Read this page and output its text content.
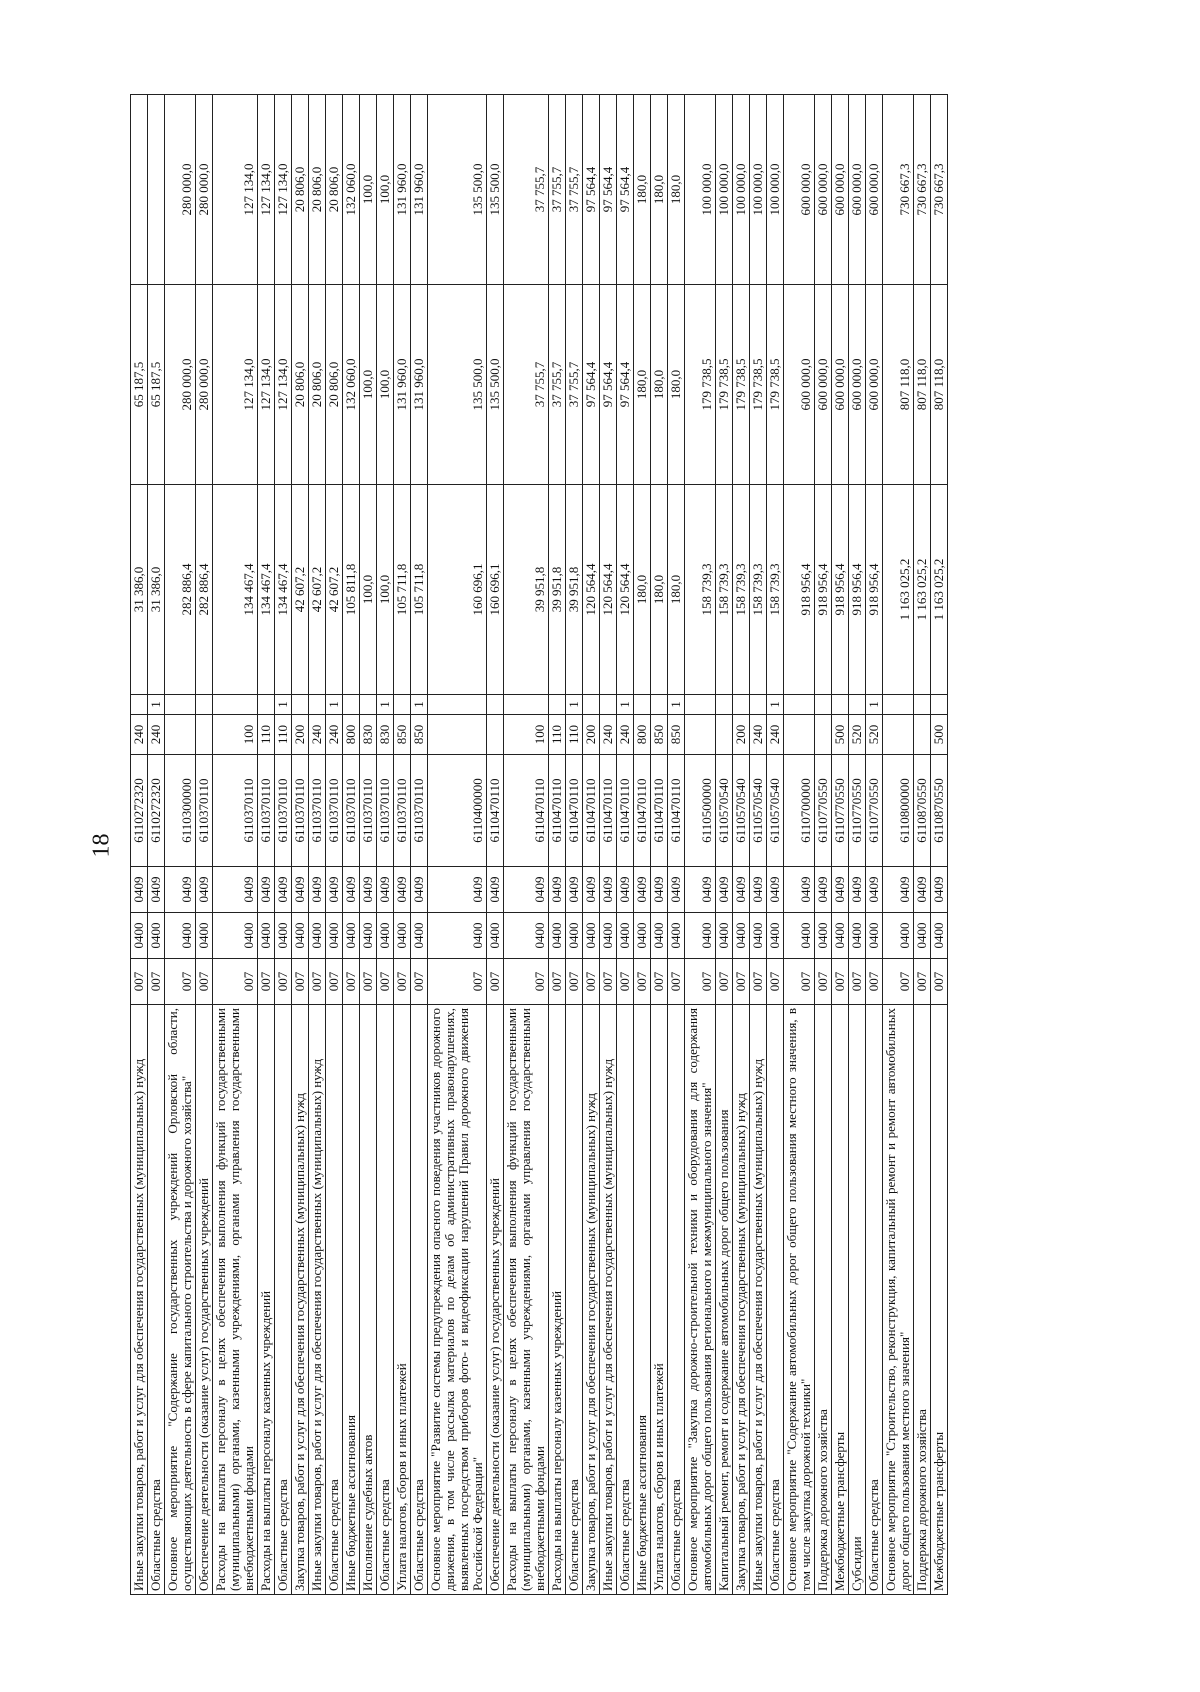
18
Иные закупки товаров, работ и услуг для обеспечения государственных (муниципальных) нужд	007	0400	0409	6110272320	240		31 386,0	65 187,5	
Областные средства	007	0400	0409	6110272320	240	1	31 386,0	65 187,5	
Основное мероприятие "Содержание государственных учреждений Орловской области, осуществляющих деятельность в сфере капитального строительства и дорожного хозяйства"	007	0400	0409	6110300000			282 886,4	280 000,0	280 000,0
Обеспечение деятельности (оказание услуг) государственных учреждений	007	0400	0409	6110370110			282 886,4	280 000,0	280 000,0
Расходы на выплаты персоналу в целях обеспечения выполнения функций государственными (муниципальными) органами, казенными учреждениями, органами управления государственными внебюджетными фондами	007	0400	0409	6110370110	100		134 467,4	127 134,0	127 134,0
Расходы на выплаты персоналу казенных учреждений	007	0400	0409	6110370110	110		134 467,4	127 134,0	127 134,0
Областные средства	007	0400	0409	6110370110	110	1	134 467,4	127 134,0	127 134,0
Закупка товаров, работ и услуг для обеспечения государственных (муниципальных) нужд	007	0400	0409	6110370110	200		42 607,2	20 806,0	20 806,0
Иные закупки товаров, работ и услуг для обеспечения государственных (муниципальных) нужд	007	0400	0409	6110370110	240		42 607,2	20 806,0	20 806,0
Областные средства	007	0400	0409	6110370110	240	1	42 607,2	20 806,0	20 806,0
Иные бюджетные ассигнования	007	0400	0409	6110370110	800		105 811,8	132 060,0	132 060,0
Исполнение судебных актов	007	0400	0409	6110370110	830		100,0	100,0	100,0
Областные средства	007	0400	0409	6110370110	830	1	100,0	100,0	100,0
Уплата налогов, сборов и иных платежей	007	0400	0409	6110370110	850		105 711,8	131 960,0	131 960,0
Областные средства	007	0400	0409	6110370110	850	1	105 711,8	131 960,0	131 960,0
Основное мероприятие "Развитие системы предупреждения опасного поведения участников дорожного движения, в том числе рассылка материалов по делам об административных правонарушениях, выявленных посредством приборов фото- и видеофиксации нарушений Правил дорожного движения Российской Федерации"	007	0400	0409	6110400000			160 696,1	135 500,0	135 500,0
Обеспечение деятельности (оказание услуг) государственных учреждений	007	0400	0409	6110470110			160 696,1	135 500,0	135 500,0
Расходы на выплаты персоналу в целях обеспечения выполнения функций государственными (муниципальными) органами, казенными учреждениями, органами управления государственными внебюджетными фондами	007	0400	0409	6110470110	100		39 951,8	37 755,7	37 755,7
Расходы на выплаты персоналу казенных учреждений	007	0400	0409	6110470110	110		39 951,8	37 755,7	37 755,7
Областные средства	007	0400	0409	6110470110	110	1	39 951,8	37 755,7	37 755,7
Закупка товаров, работ и услуг для обеспечения государственных (муниципальных) нужд	007	0400	0409	6110470110	200		120 564,4	97 564,4	97 564,4
Иные закупки товаров, работ и услуг для обеспечения государственных (муниципальных) нужд	007	0400	0409	6110470110	240		120 564,4	97 564,4	97 564,4
Областные средства	007	0400	0409	6110470110	240	1	120 564,4	97 564,4	97 564,4
Иные бюджетные ассигнования	007	0400	0409	6110470110	800		180,0	180,0	180,0
Уплата налогов, сборов и иных платежей	007	0400	0409	6110470110	850		180,0	180,0	180,0
Областные средства	007	0400	0409	6110470110	850	1	180,0	180,0	180,0
Основное мероприятие "Закупка дорожно-строительной техники и оборудования для содержания автомобильных дорог общего пользования регионального и межмуниципального значения"	007	0400	0409	6110500000			158 739,3	179 738,5	100 000,0
Капитальный ремонт, ремонт и содержание автомобильных дорог общего пользования	007	0400	0409	6110570540			158 739,3	179 738,5	100 000,0
Закупка товаров, работ и услуг для обеспечения государственных (муниципальных) нужд	007	0400	0409	6110570540	200		158 739,3	179 738,5	100 000,0
Иные закупки товаров, работ и услуг для обеспечения государственных (муниципальных) нужд	007	0400	0409	6110570540	240		158 739,3	179 738,5	100 000,0
Областные средства	007	0400	0409	6110570540	240	1	158 739,3	179 738,5	100 000,0
Основное мероприятие "Содержание автомобильных дорог общего пользования местного значения, в том числе закупка дорожной техники"	007	0400	0409	6110700000			918 956,4	600 000,0	600 000,0
Поддержка дорожного хозяйства	007	0400	0409	6110770550			918 956,4	600 000,0	600 000,0
Межбюджетные трансферты	007	0400	0409	6110770550	500		918 956,4	600 000,0	600 000,0
Субсидии	007	0400	0409	6110770550	520		918 956,4	600 000,0	600 000,0
Областные средства	007	0400	0409	6110770550	520	1	918 956,4	600 000,0	600 000,0
Основное мероприятие "Строительство, реконструкция, капитальный ремонт и ремонт автомобильных дорог общего пользования местного значения"	007	0400	0409	6110800000			1 163 025,2	807 118,0	730 667,3
Поддержка дорожного хозяйства	007	0400	0409	6110870550			1 163 025,2	807 118,0	730 667,3
Межбюджетные трансферты	007	0400	0409	6110870550	500		1 163 025,2	807 118,0	730 667,3
